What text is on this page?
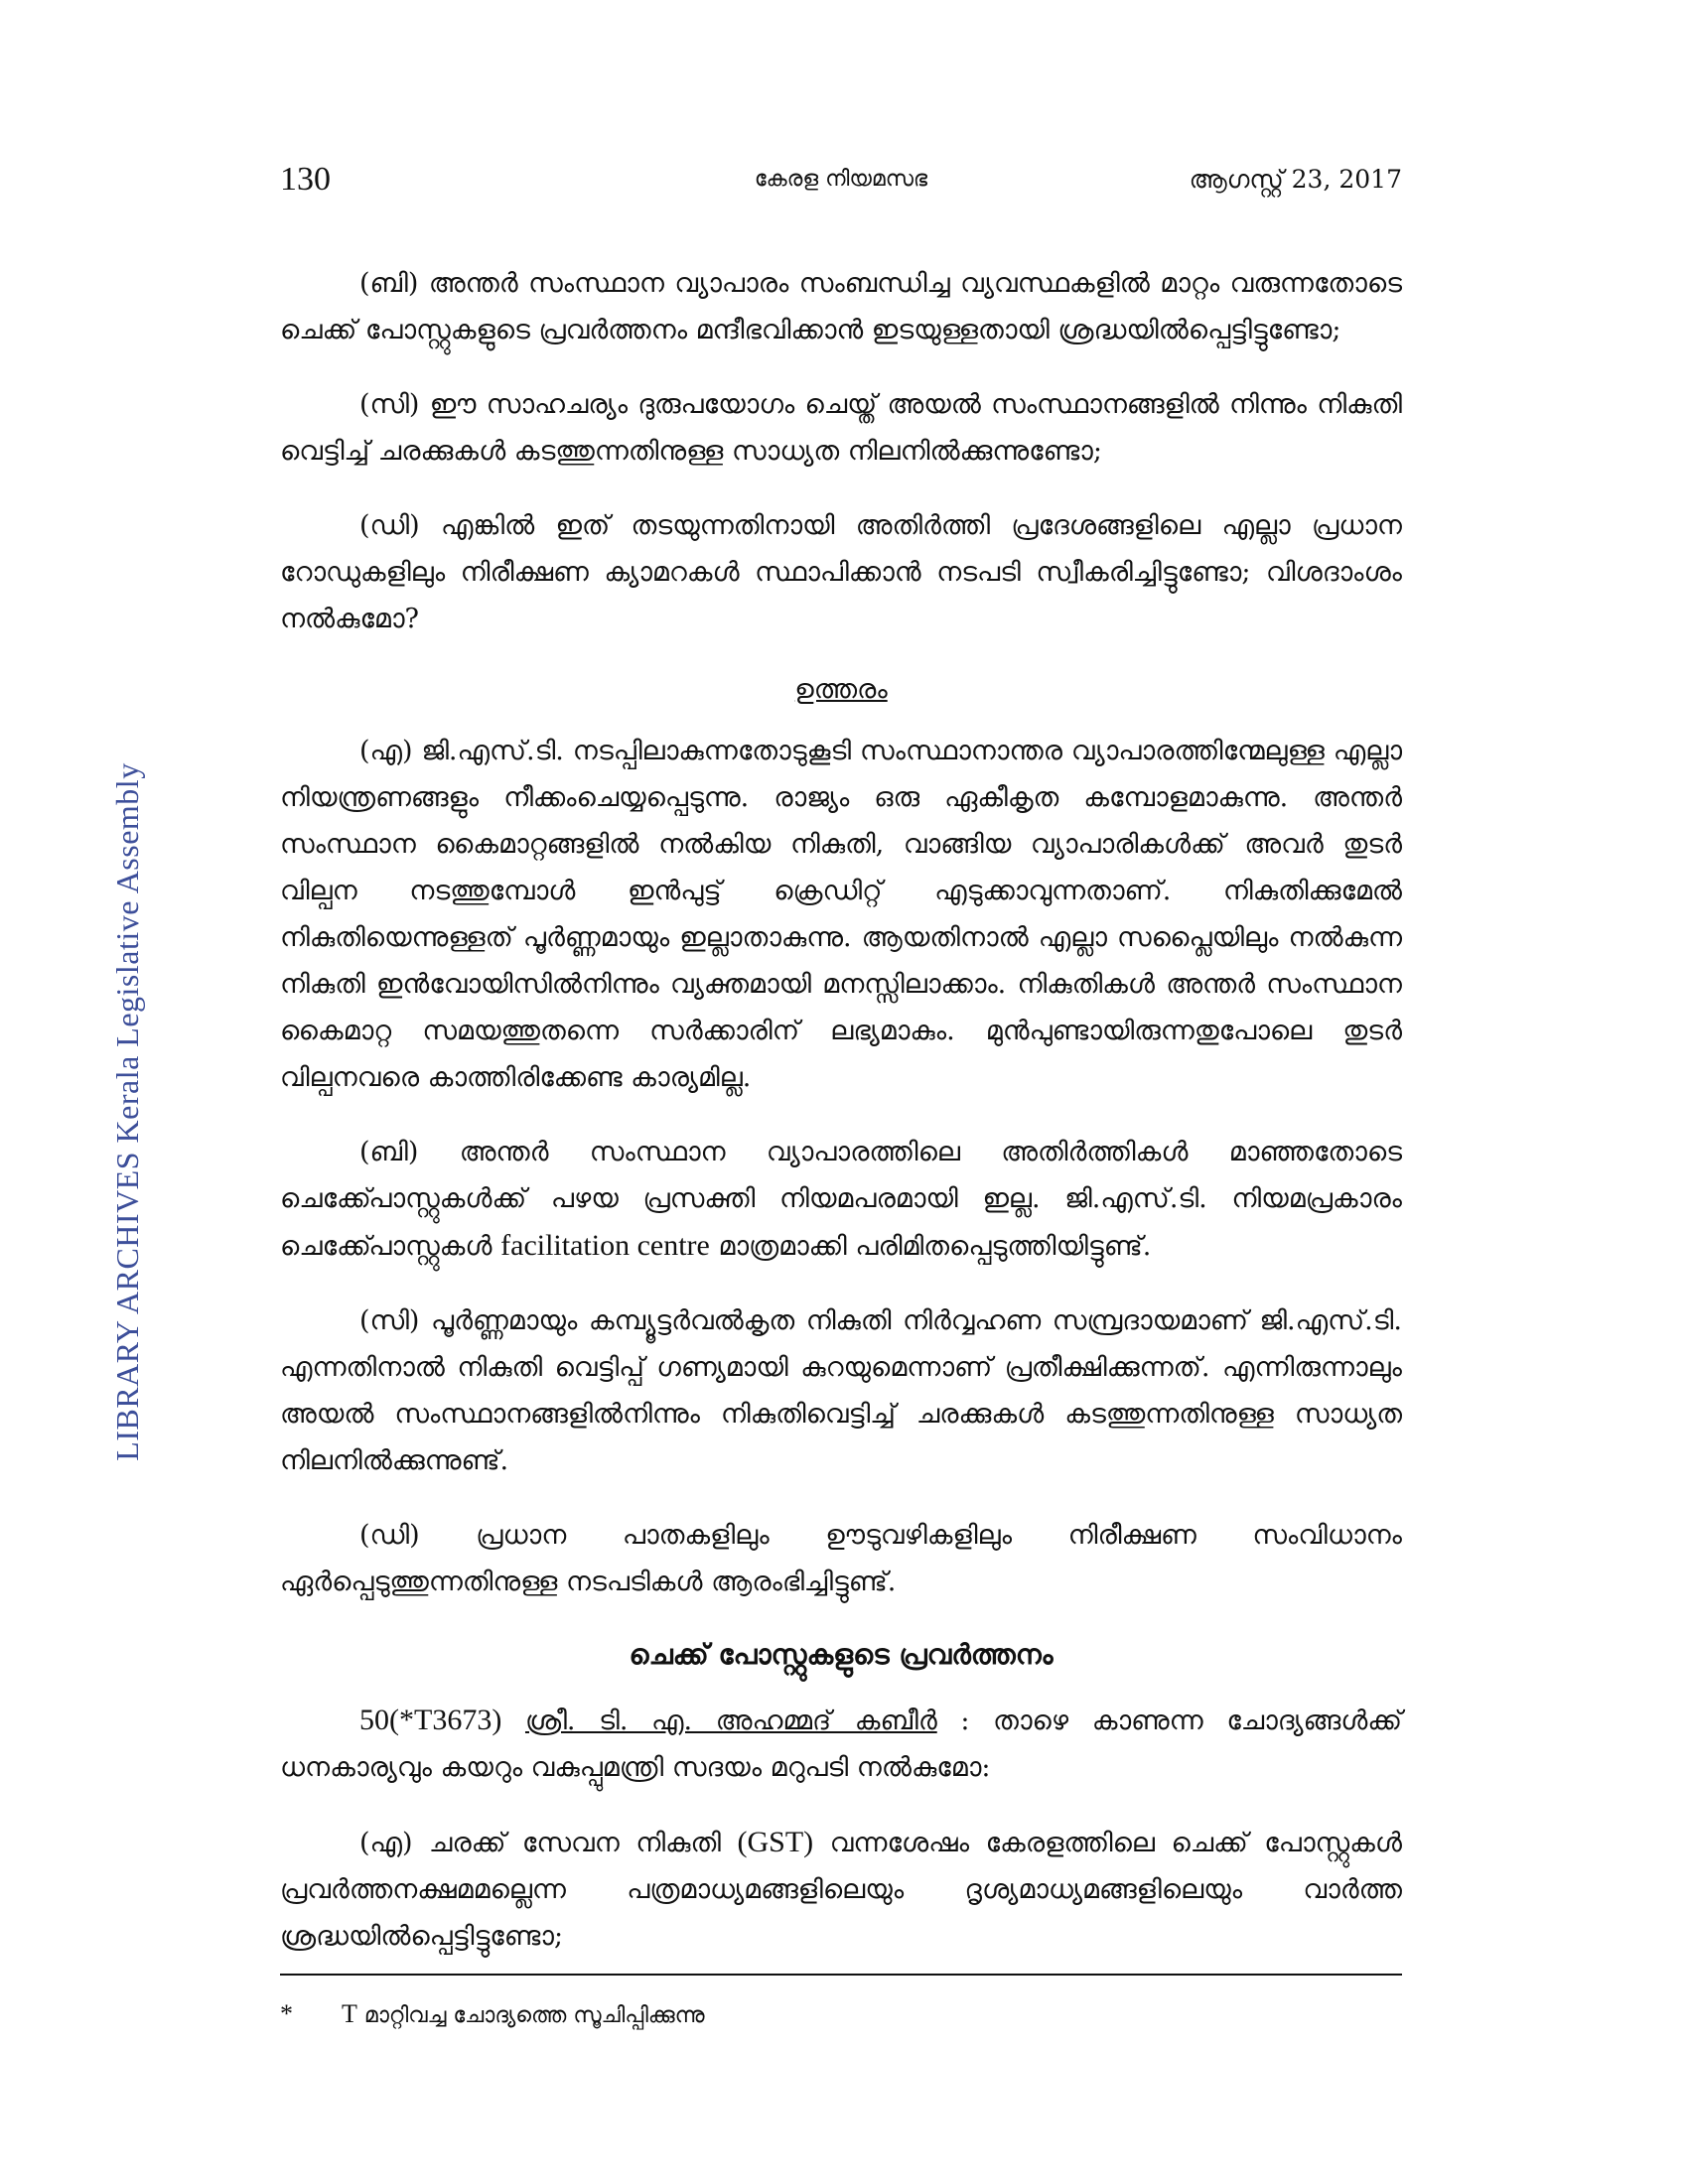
LIBRARY ARCHIVES Kerala Legislative Assembly
130	കേരള നിയമസഭ	ആഗസ്റ്റ് 23, 2017

(ബി) അന്തർ സംസ്ഥാന വ്യാപാരം സംബന്ധിച്ച വ്യവസ്ഥകളിൽ മാറ്റം വരുന്നതോടെ ചെക്ക് പോസ്റ്റുകളുടെ പ്രവർത്തനം മന്ദീഭവിക്കാൻ ഇടയുള്ളതായി ശ്രദ്ധയിൽപ്പെട്ടിട്ടുണ്ടോ;

(സി) ഈ സാഹചര്യം ദുരുപയോഗം ചെയ്ത് അയൽ സംസ്ഥാനങ്ങളിൽ നിന്നും നികുതി വെട്ടിച്ച് ചരക്കുകൾ കടത്തുന്നതിനുള്ള സാധ്യത നിലനിൽക്കുന്നുണ്ടോ;

(ഡി) എങ്കിൽ ഇത് തടയുന്നതിനായി അതിർത്തി പ്രദേശങ്ങളിലെ എല്ലാ പ്രധാന റോഡുകളിലും നിരീക്ഷണ ക്യാമറകൾ സ്ഥാപിക്കാൻ നടപടി സ്വീകരിച്ചിട്ടുണ്ടോ; വിശദാംശം നൽകുമോ?

ഉത്തരം

(എ) ജി.എസ്.ടി. നടപ്പിലാകുന്നതോടുകൂടി സംസ്ഥാനാന്തര വ്യാപാരത്തിന്മേലുള്ള എല്ലാ നിയന്ത്രണങ്ങളും നീക്കംചെയ്യപ്പെടുന്നു. രാജ്യം ഒരു ഏകീകൃത കമ്പോളമാകുന്നു. അന്തർ സംസ്ഥാന കൈമാറ്റങ്ങളിൽ നൽകിയ നികുതി, വാങ്ങിയ വ്യാപാരികൾക്ക് അവർ തുടർ വില്പന നടത്തുമ്പോൾ ഇൻപുട്ട് ക്രെഡിറ്റ് എടുക്കാവുന്നതാണ്. നികുതിക്കുമേൽ നികുതിയെന്നുള്ളത് പൂർണ്ണമായും ഇല്ലാതാകുന്നു. ആയതിനാൽ എല്ലാ സപ്ലൈയിലും നൽകുന്ന നികുതി ഇൻവോയിസിൽനിന്നും വ്യക്തമായി മനസ്സിലാക്കാം. നികുതികൾ അന്തർ സംസ്ഥാന കൈമാറ്റ സമയത്തുതന്നെ സർക്കാരിന് ലഭ്യമാകും. മുൻപുണ്ടായിരുന്നതുപോലെ തുടർ വില്പനവരെ കാത്തിരിക്കേണ്ട കാര്യമില്ല.

(ബി) അന്തർ സംസ്ഥാന വ്യാപാരത്തിലെ അതിർത്തികൾ മാഞ്ഞതോടെ ചെക്ക്പോസ്റ്റുകൾക്ക് പഴയ പ്രസക്തി നിയമപരമായി ഇല്ല. ജി.എസ്.ടി. നിയമപ്രകാരം ചെക്ക്പോസ്റ്റുകൾ facilitation centre മാത്രമാക്കി പരിമിതപ്പെടുത്തിയിട്ടുണ്ട്.

(സി) പൂർണ്ണമായും കമ്പ്യൂട്ടർവൽകൃത നികുതി നിർവ്വഹണ സമ്പ്രദായമാണ് ജി.എസ്.ടി. എന്നതിനാൽ നികുതി വെട്ടിപ്പ് ഗണ്യമായി കുറയുമെന്നാണ് പ്രതീക്ഷിക്കുന്നത്. എന്നിരുന്നാലും അയൽ സംസ്ഥാനങ്ങളിൽനിന്നും നികുതിവെട്ടിച്ച് ചരക്കുകൾ കടത്തുന്നതിനുള്ള സാധ്യത നിലനിൽക്കുന്നുണ്ട്.

(ഡി) പ്രധാന പാതകളിലും ഊടുവഴികളിലും നിരീക്ഷണ സംവിധാനം ഏർപ്പെടുത്തുന്നതിനുള്ള നടപടികൾ ആരംഭിച്ചിട്ടുണ്ട്.

ചെക്ക് പോസ്റ്റുകളുടെ പ്രവർത്തനം

50(*T3673) ശ്രീ. ടി. എ. അഹമ്മദ് കബീർ : താഴെ കാണുന്ന ചോദ്യങ്ങൾക്ക് ധനകാര്യവും കയറും വകുപ്പുമന്ത്രി സദയം മറുപടി നൽകുമോ:

(എ) ചരക്ക് സേവന നികുതി (GST) വന്നശേഷം കേരളത്തിലെ ചെക്ക് പോസ്റ്റുകൾ പ്രവർത്തനക്ഷമമല്ലെന്ന പത്രമാധ്യമങ്ങളിലെയും ദൃശ്യമാധ്യമങ്ങളിലെയും വാർത്ത ശ്രദ്ധയിൽപ്പെട്ടിട്ടുണ്ടോ;

* T മാറ്റിവച്ച ചോദ്യത്തെ സൂചിപ്പിക്കുന്നു
